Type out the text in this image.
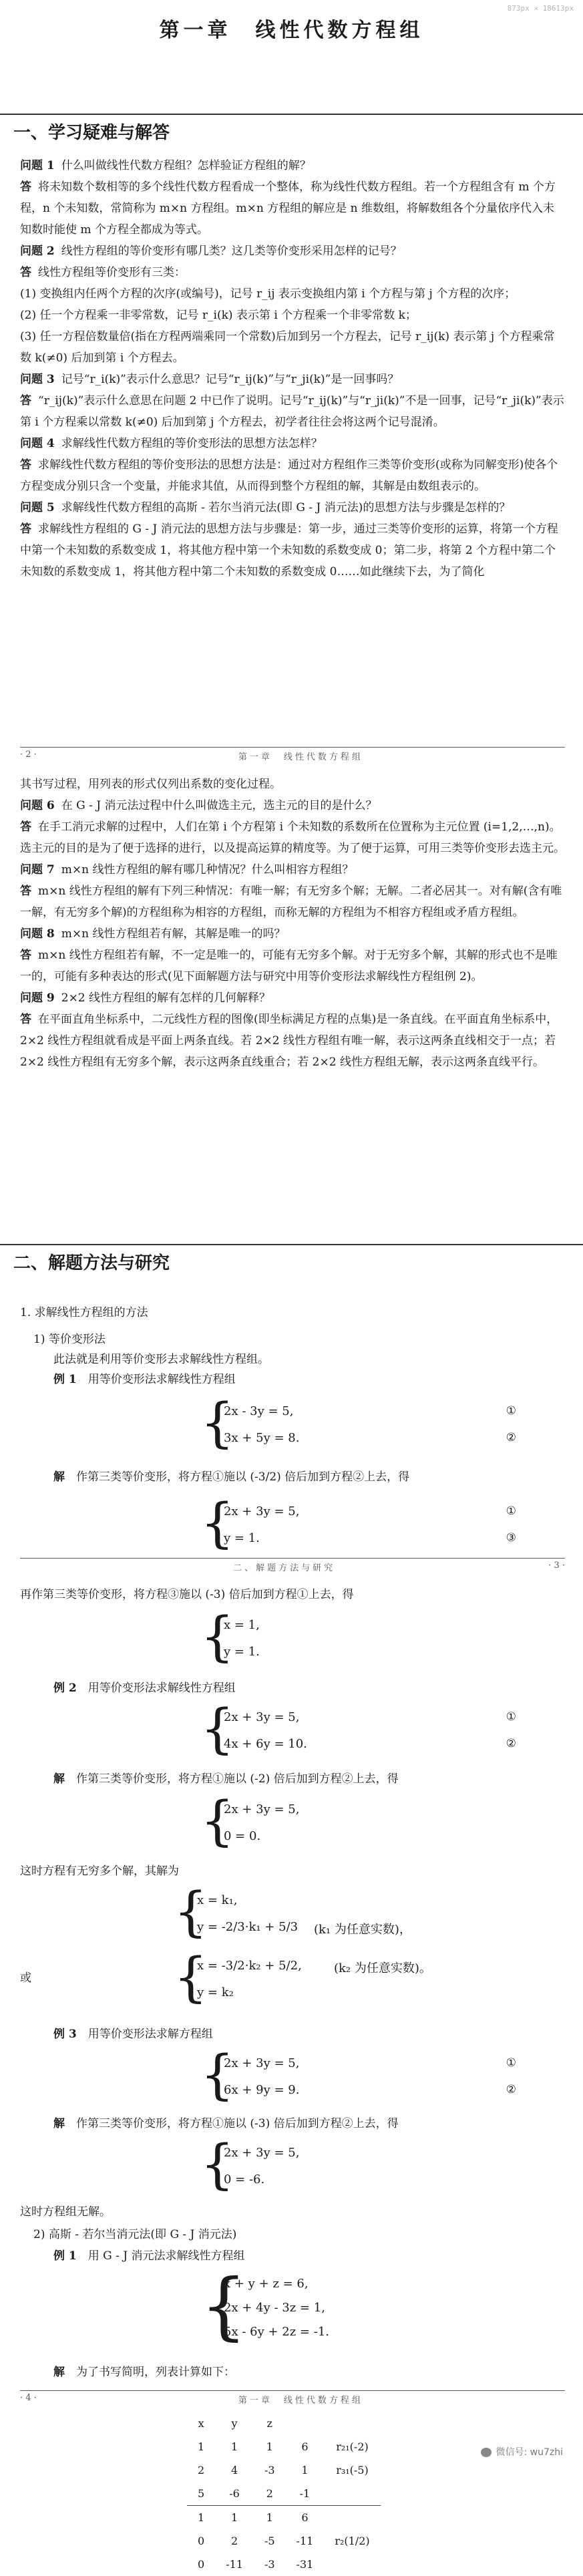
873px × 18613px
第一章　线性代数方程组
一、学习疑难与解答
问题 1 什么叫做线性代数方程组？怎样验证方程组的解？
答 将未知数个数相等的多个线性代数方程看成一个整体，称为线性代数方程组。若一个方程组含有 m 个方程，n 个未知数，常简称为 m×n 方程组。m×n 方程组的解应是 n 维数组，将解数组各个分量依序代入未知数时能使 m 个方程全都成为等式。
问题 2 线性方程组的等价变形有哪几类？这几类等价变形采用怎样的记号？
答 线性方程组等价变形有三类：
(1) 变换组内任两个方程的次序(或编号)，记号 r_ij 表示变换组内第 i 个方程与第 j 个方程的次序；
(2) 任一个方程乘一非零常数，记号 r_i(k) 表示第 i 个方程乘一个非零常数 k；
(3) 任一方程倍数量倍(指在方程两端乘同一个常数)后加到另一个方程去，记号 r_ij(k) 表示第 j 个方程乘常数 k(≠0) 后加到第 i 个方程去。
问题 3 记号“r_i(k)”表示什么意思？记号“r_ij(k)”与“r_ji(k)”是一回事吗？
答 “r_ij(k)”表示什么意思在问题 2 中已作了说明。记号“r_ij(k)”与“r_ji(k)”不是一回事，记号“r_ji(k)”表示第 i 个方程乘以常数 k(≠0) 后加到第 j 个方程去，初学者往往会将这两个记号混淆。
问题 4 求解线性代数方程组的等价变形法的思想方法怎样？
答 求解线性代数方程组的等价变形法的思想方法是：通过对方程组作三类等价变形(或称为同解变形)使各个方程变成分别只含一个变量，并能求其值，从而得到整个方程组的解，其解是由数组表示的。
问题 5 求解线性代数方程组的高斯 - 若尔当消元法(即 G - J 消元法)的思想方法与步骤是怎样的？
答 求解线性方程组的 G - J 消元法的思想方法与步骤是：第一步，通过三类等价变形的运算，将第一个方程中第一个未知数的系数变成 1，将其他方程中第一个未知数的系数变成 0；第二步，将第 2 个方程中第二个未知数的系数变成 1，将其他方程中第二个未知数的系数变成 0……如此继续下去，为了简化
· 2 ·	第一章　线性代数方程组
其书写过程，用列表的形式仅列出系数的变化过程。
问题 6 在 G - J 消元法过程中什么叫做选主元，选主元的目的是什么？
答 在手工消元求解的过程中，人们在第 i 个方程第 i 个未知数的系数所在位置称为主元位置 (i=1,2,…,n)。选主元的目的是为了便于选择的进行，以及提高运算的精度等。为了便于运算，可用三类等价变形去选主元。
问题 7 m×n 线性方程组的解有哪几种情况？什么叫相容方程组？
答 m×n 线性方程组的解有下列三种情况：有唯一解；有无穷多个解；无解。二者必居其一。对有解(含有唯一解，有无穷多个解)的方程组称为相容的方程组，而称无解的方程组为不相容方程组或矛盾方程组。
问题 8 m×n 线性方程组若有解，其解是唯一的吗？
答 m×n 线性方程组若有解，不一定是唯一的，可能有无穷多个解。对于无穷多个解，其解的形式也不是唯一的，可能有多种表达的形式(见下面解题方法与研究中用等价变形法求解线性方程组例 2)。
问题 9 2×2 线性方程组的解有怎样的几何解释？
答 在平面直角坐标系中，二元线性方程的图像(即坐标满足方程的点集)是一条直线。在平面直角坐标系中，2×2 线性方程组就看成是平面上两条直线。若 2×2 线性方程组有唯一解，表示这两条直线相交于一点；若 2×2 线性方程组有无穷多个解，表示这两条直线重合；若 2×2 线性方程组无解，表示这两条直线平行。
二、解题方法与研究
1. 求解线性方程组的方法
1) 等价变形法
此法就是利用等价变形去求解线性方程组。
例 1　 用等价变形法求解线性方程组
{
2x - 3y = 5,
3x + 5y = 8.
①
②
解　 作第三类等价变形，将方程①施以 (-3/2) 倍后加到方程②上去，得
{
2x + 3y = 5,
y = 1.
①
③
二、解题方法与研究	· 3 ·
再作第三类等价变形，将方程③施以 (-3) 倍后加到方程①上去，得
{
x = 1,
y = 1.
例 2　 用等价变形法求解线性方程组
{
2x + 3y = 5,
4x + 6y = 10.
①
②
解　 作第三类等价变形，将方程①施以 (-2) 倍后加到方程②上去，得
{
2x + 3y = 5,
0 = 0.
这时方程有无穷多个解，其解为
{
x = k₁,
y = -2/3·k₁ + 5/3 (k₁ 为任意实数)，
或	{
x = -3/2·k₂ + 5/2,
y = k₂
(k₂ 为任意实数)。
例 3　 用等价变形法求解方程组
{
2x + 3y = 5,
6x + 9y = 9.
①
②
解　 作第三类等价变形，将方程①施以 (-3) 倍后加到方程②上去，得
{
2x + 3y = 5,
0 = -6.
这时方程组无解。
2) 高斯 - 若尔当消元法(即 G - J 消元法)
例 1　 用 G - J 消元法求解线性方程组
{
x + y + z = 6,
2x + 4y - 3z = 1,
5x - 6y + 2z = -1.
解　 为了书写简明，列表计算如下：
· 4 ·	第一章　线性代数方程组
x	y	z		
1	1	1	6	r₂₁(-2)
2	4	-3	1	r₃₁(-5)
5	-6	2	-1	
1	1	1	6	
0	2	-5	-11	r₂(1/2)
0	-11	-3	-31	
微信号: wu7zhi
